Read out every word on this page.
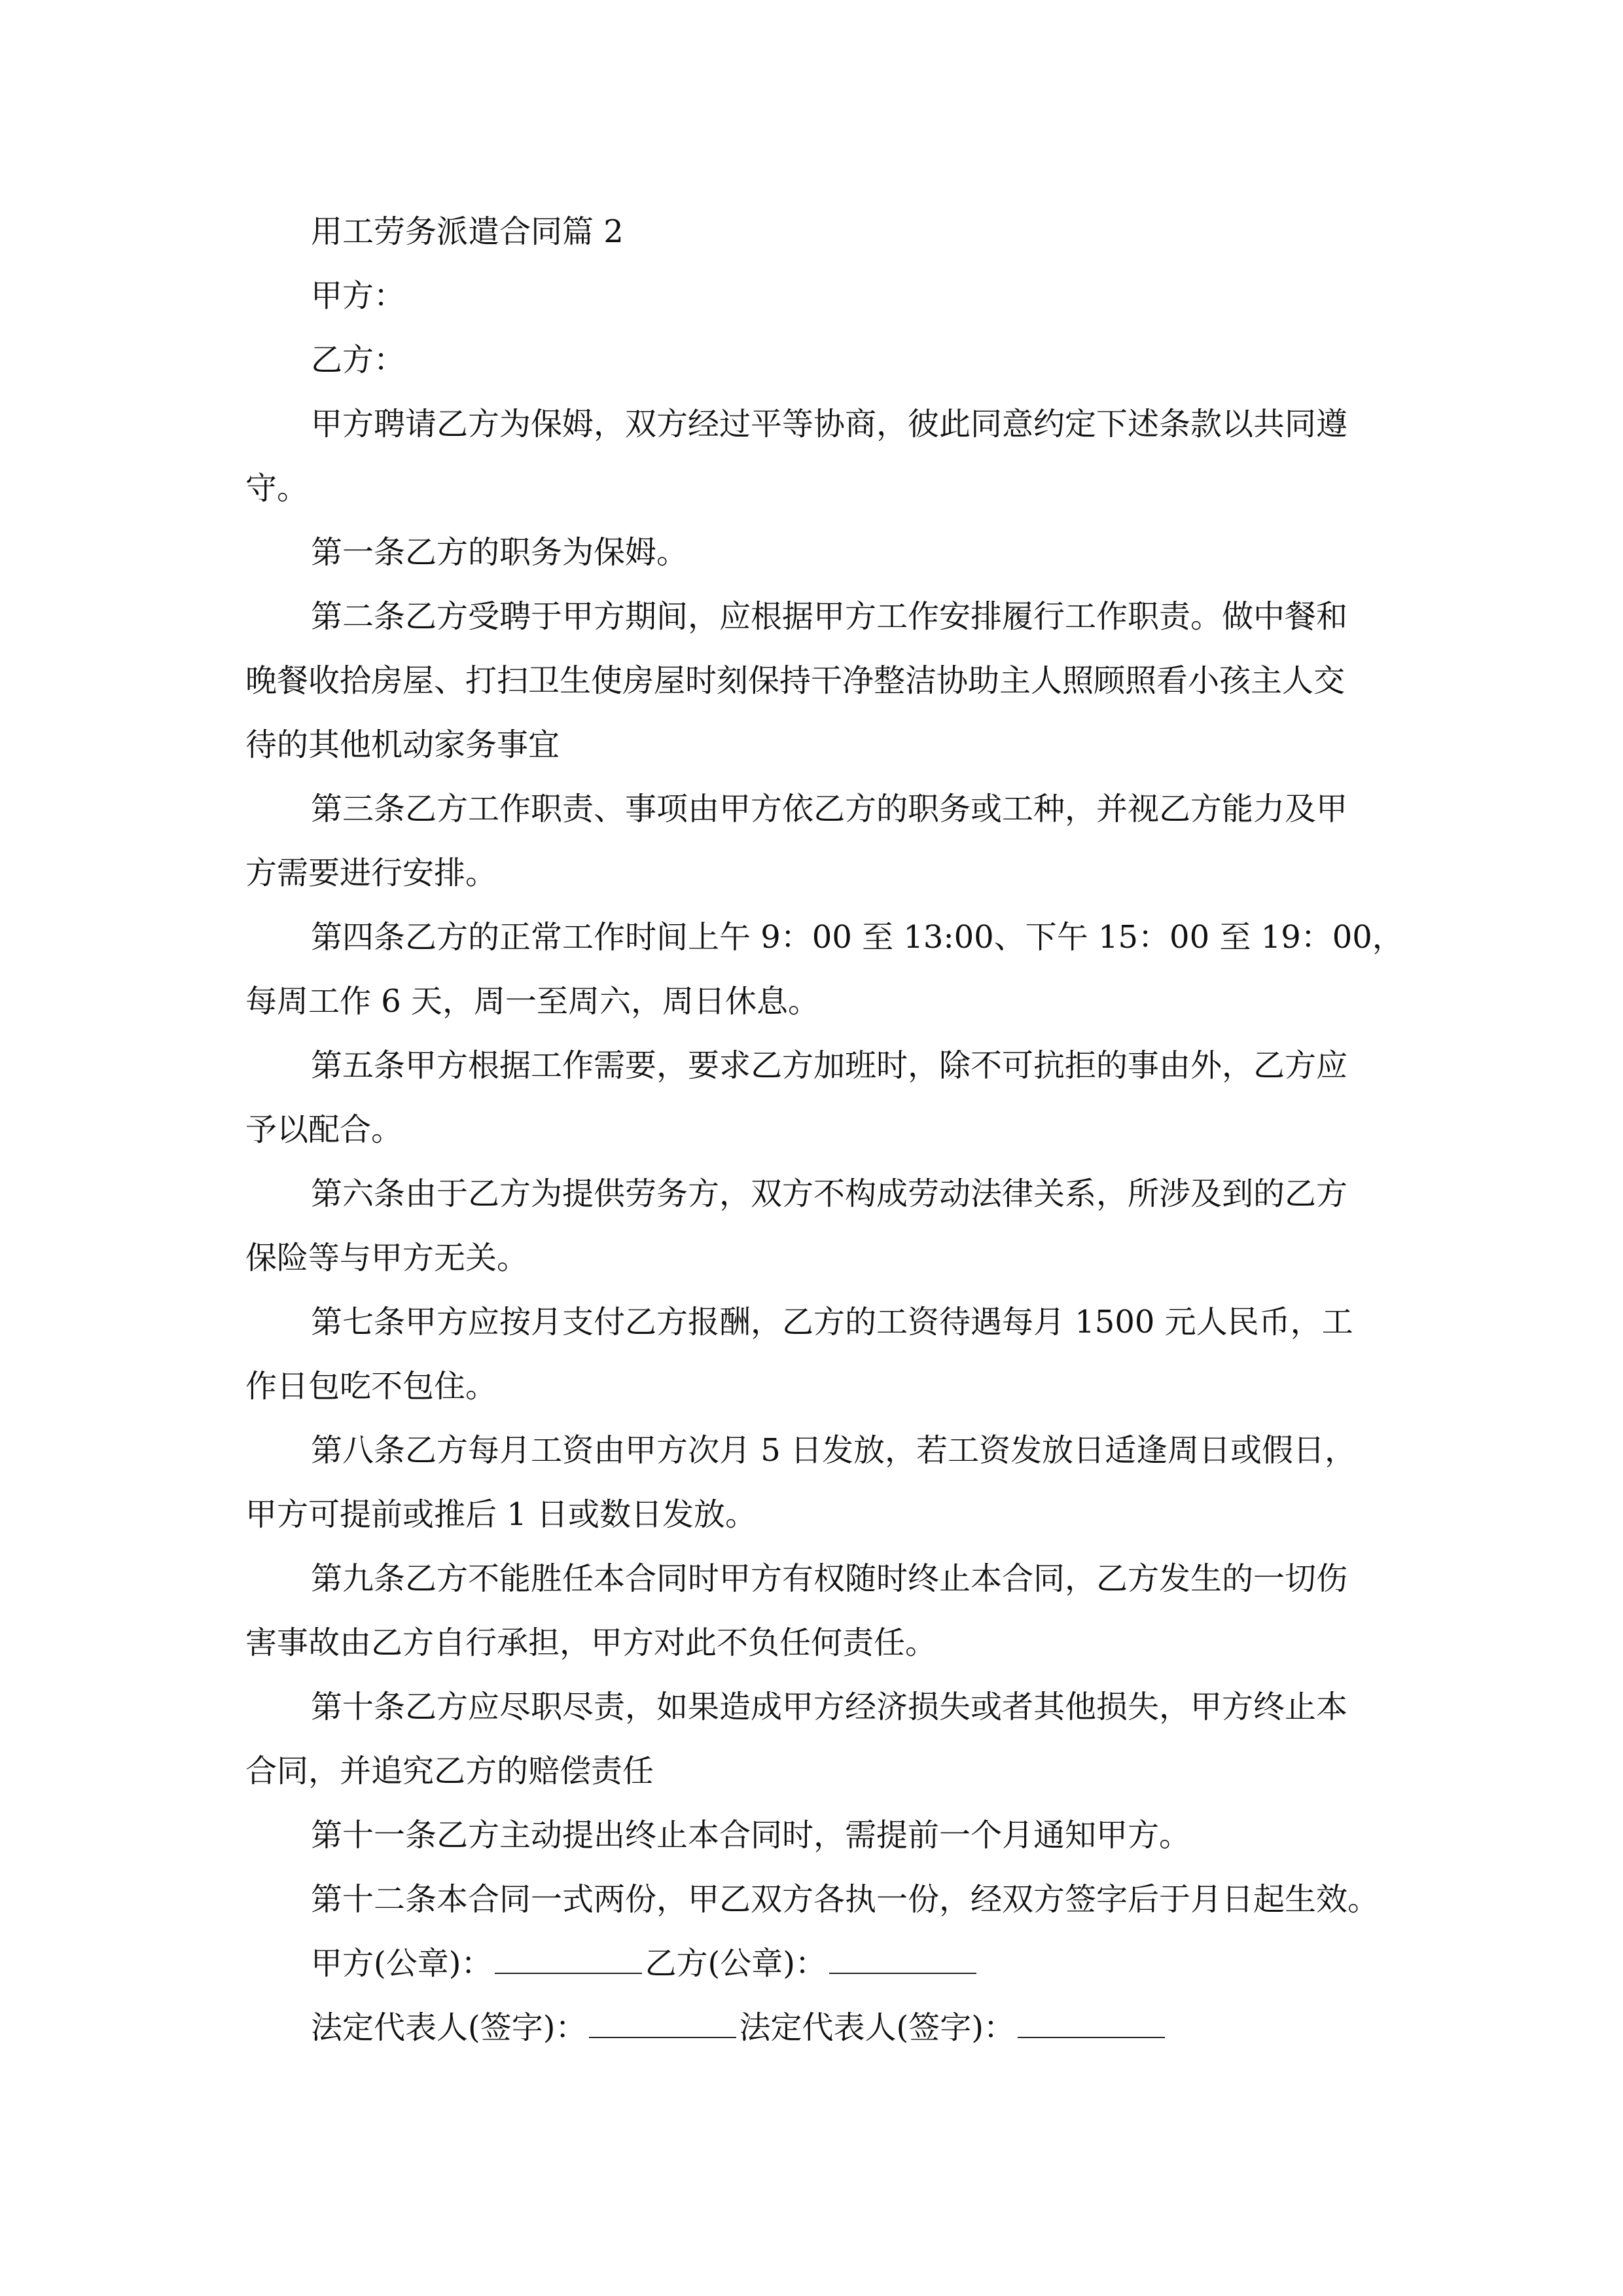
用工劳务派遣合同篇 2
甲方：
乙方：
甲方聘请乙方为保姆，双方经过平等协商，彼此同意约定下述条款以共同遵
守。
第一条乙方的职务为保姆。
第二条乙方受聘于甲方期间，应根据甲方工作安排履行工作职责。做中餐和
晚餐收拾房屋、打扫卫生使房屋时刻保持干净整洁协助主人照顾照看小孩主人交
待的其他机动家务事宜
第三条乙方工作职责、事项由甲方依乙方的职务或工种，并视乙方能力及甲
方需要进行安排。
第四条乙方的正常工作时间上午 9：00 至 13:00、下午 15：00 至 19：00，
每周工作 6 天，周一至周六，周日休息。
第五条甲方根据工作需要，要求乙方加班时，除不可抗拒的事由外，乙方应
予以配合。
第六条由于乙方为提供劳务方，双方不构成劳动法律关系，所涉及到的乙方
保险等与甲方无关。
第七条甲方应按月支付乙方报酬，乙方的工资待遇每月 1500 元人民币，工
作日包吃不包住。
第八条乙方每月工资由甲方次月 5 日发放，若工资发放日适逢周日或假日，
甲方可提前或推后 1 日或数日发放。
第九条乙方不能胜任本合同时甲方有权随时终止本合同，乙方发生的一切伤
害事故由乙方自行承担，甲方对此不负任何责任。
第十条乙方应尽职尽责，如果造成甲方经济损失或者其他损失，甲方终止本
合同，并追究乙方的赔偿责任
第十一条乙方主动提出终止本合同时，需提前一个月通知甲方。
第十二条本合同一式两份，甲乙双方各执一份，经双方签字后于月日起生效。
甲方(公章)：	乙方(公章)：
法定代表人(签字)：	法定代表人(签字)：
